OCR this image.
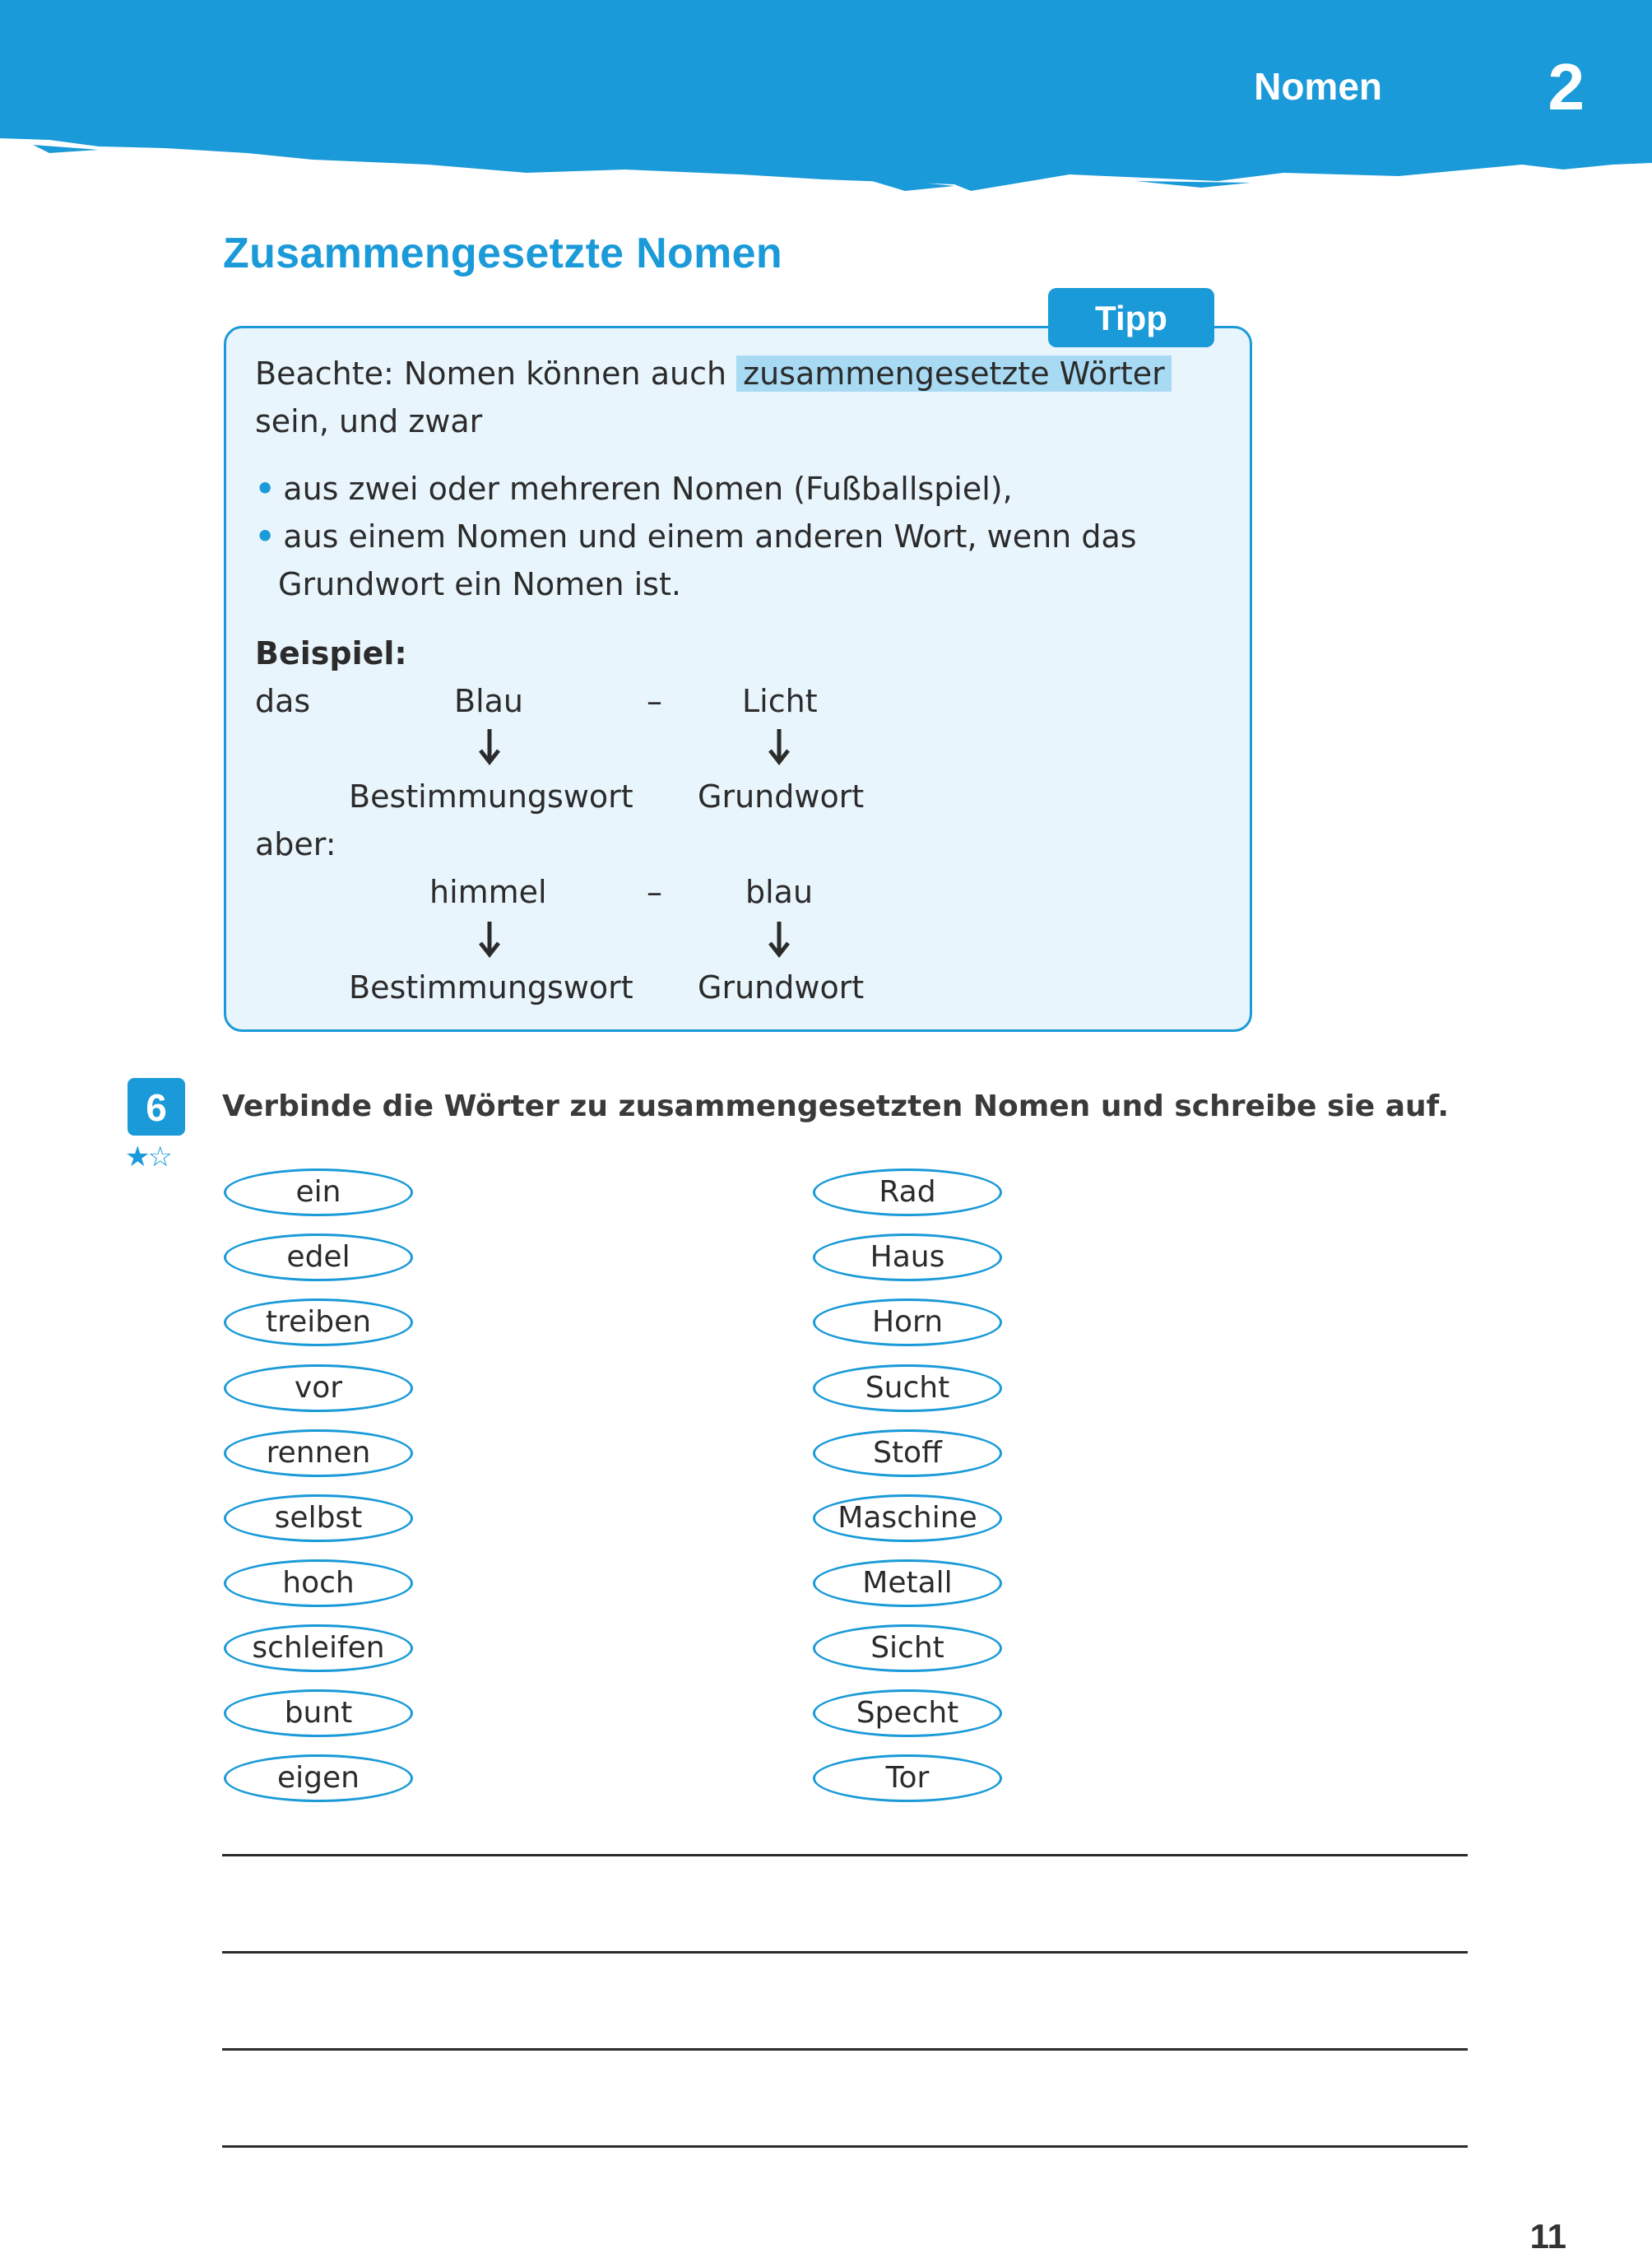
Nomen	2
Zusammengesetzte Nomen
Tipp
Beachte: Nomen können auch zusammengesetzte Wörter
sein, und zwar
• aus zwei oder mehreren Nomen (Fußballspiel),
• aus einem Nomen und einem anderen Wort, wenn das
Grundwort ein Nomen ist.
Beispiel:
das	Blau	–	Licht
Bestimmungswort Grundwort
aber:
himmel	–	blau
Bestimmungswort Grundwort
6
★☆
Verbinde die Wörter zu zusammengesetzten Nomen und schreibe sie auf.
ein
edel
treiben
vor
rennen
selbst
hoch
schleifen
bunt
eigen
Rad
Haus
Horn
Sucht
Stoff
Maschine
Metall
Sicht
Specht
Tor
11
